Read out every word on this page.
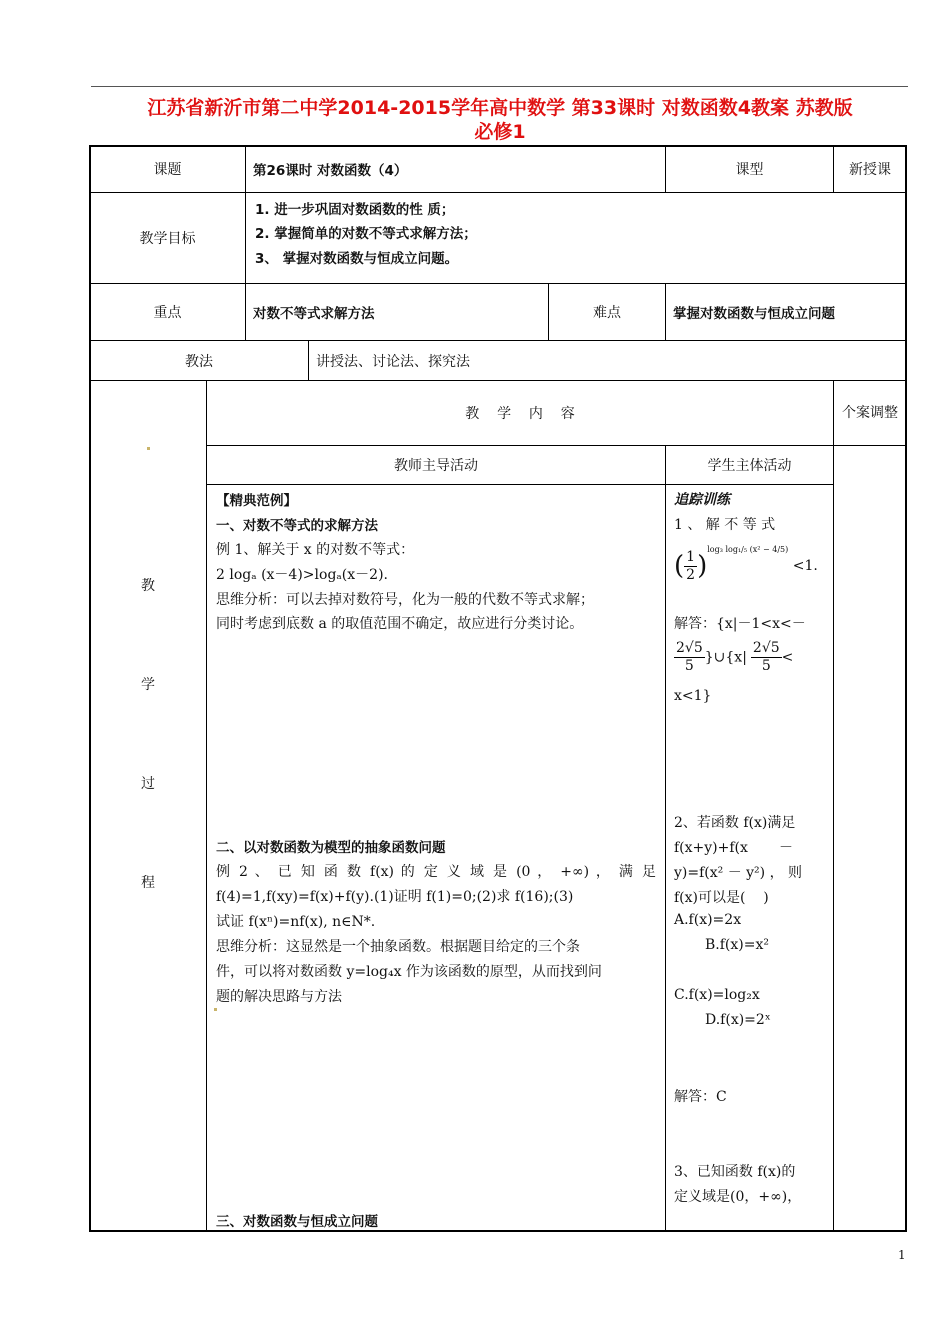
江苏省新沂市第二中学2014-2015学年高中数学 第33课时 对数函数4教案 苏教版
必修1
课题	第26课时 对数函数（4）	课型	新授课
教学目标
1. 进一步巩固对数函数的性 质；
2. 掌握简单的对数不等式求解方法；
3、 掌握对数函数与恒成立问题。
重点	对数不等式求解方法	难点	掌握对数函数与恒成立问题
教法	讲授法、讨论法、探究法
教
学
过
程
教    学    内    容	个案调整
教师主导活动	学生主体活动
【精典范例】
一、对数不等式的求解方法
例 1、解关于 x 的对数不等式：
2 logₐ (x－4)>logₐ(x－2).
思维分析：可以去掉对数符号，化为一般的代数不等式求解；
同时考虑到底数 a 的取值范围不确定，故应进行分类讨论。
二、以对数函数为模型的抽象函数问题
例 2 、 已 知 函 数 f(x) 的 定 义 域 是 (0 ， +∞) ， 满 足
f(4)=1,f(xy)=f(x)+f(y).(1)证明 f(1)=0;(2)求 f(16);(3)
试证 f(xⁿ)=nf(x), n∈N*.
思维分析：这显然是一个抽象函数。根据题目给定的三个条
件，可以将对数函数 y=log₄x 作为该函数的原型，从而找到问
题的解决思路与方法
三、对数函数与恒成立问题
追踪训练
1 、 解 不 等 式
( $\frac{1}{2} )^{log_3 log_1/_5 (x^2 - 4/5)} <1$.
解答：{x|－1<x<－
$\frac{2√5}{5}$ }∪{x| $\frac{2√5}{5}$ <
x<1}
2、若函数 f(x)满足
f(x+y)+f(x       －
y)=f(x² － y²) ， 则
f(x)可以是(    )
A.f(x)=2x
B.f(x)=x²
C.f(x)=log₂x
D.f(x)=2ˣ
解答：C
3、已知函数 f(x)的
定义域是(0，+∞)，
1
